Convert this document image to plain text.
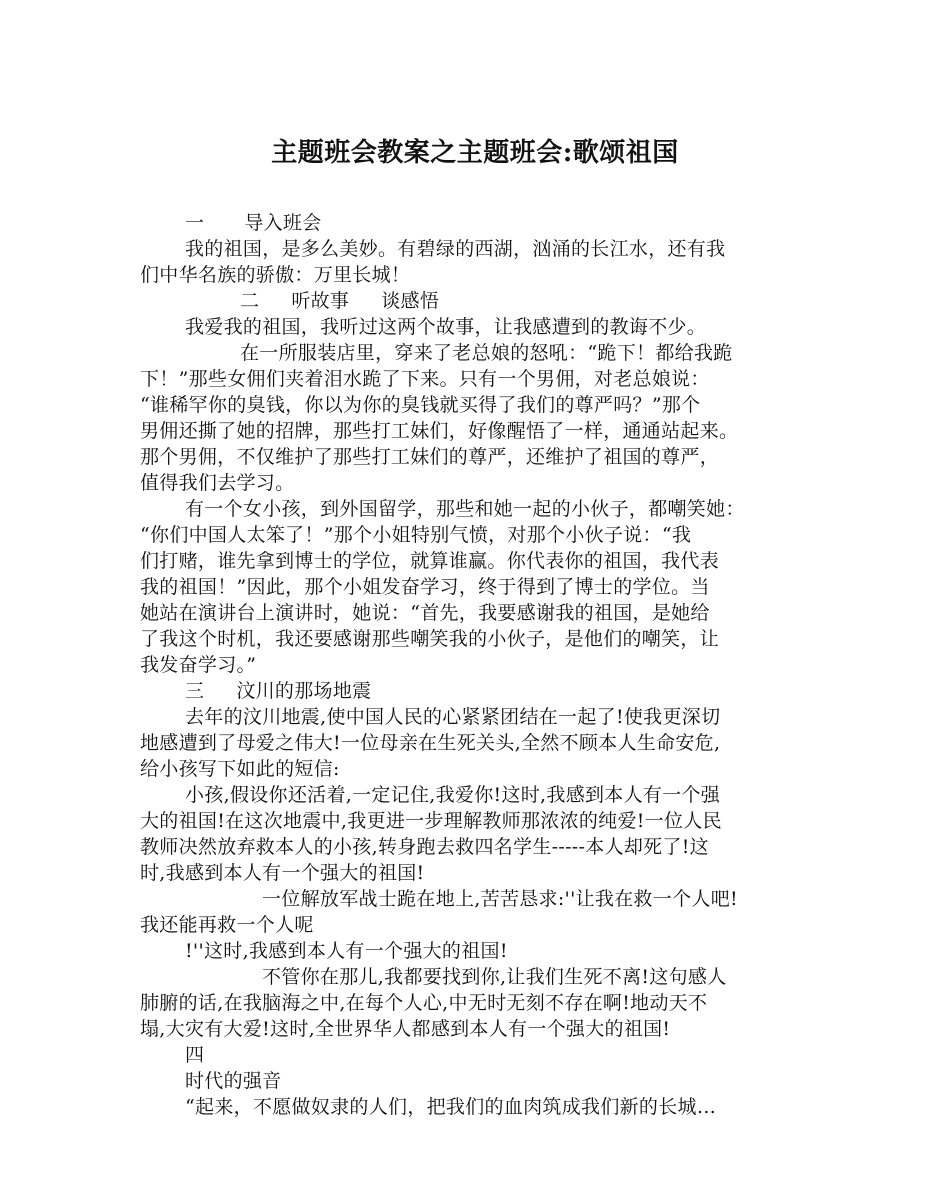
主题班会教案之主题班会:歌颂祖国
一 导入班会
我的祖国，是多么美妙。有碧绿的西湖，汹涌的长江水，还有我
们中华名族的骄傲：万里长城！
二 听故事 谈感悟
我爱我的祖国，我听过这两个故事，让我感遭到的教诲不少。
在一所服装店里，穿来了老总娘的怒吼：“跪下！都给我跪
下！”那些女佣们夹着泪水跪了下来。只有一个男佣，对老总娘说：
“谁稀罕你的臭钱，你以为你的臭钱就买得了我们的尊严吗？”那个
男佣还撕了她的招牌，那些打工妹们，好像醒悟了一样，通通站起来。
那个男佣，不仅维护了那些打工妹们的尊严，还维护了祖国的尊严，
值得我们去学习。
有一个女小孩，到外国留学，那些和她一起的小伙子，都嘲笑她：
“你们中国人太笨了！”那个小姐特别气愤，对那个小伙子说：“我
们打赌，谁先拿到博士的学位，就算谁赢。你代表你的祖国，我代表
我的祖国！”因此，那个小姐发奋学习，终于得到了博士的学位。当
她站在演讲台上演讲时，她说：“首先，我要感谢我的祖国，是她给
了我这个时机，我还要感谢那些嘲笑我的小伙子，是他们的嘲笑，让
我发奋学习。”
三 汶川的那场地震
去年的汶川地震,使中国人民的心紧紧团结在一起了!使我更深切
地感遭到了母爱之伟大!一位母亲在生死关头,全然不顾本人生命安危,
给小孩写下如此的短信:
小孩,假设你还活着,一定记住,我爱你!这时,我感到本人有一个强
大的祖国!在这次地震中,我更进一步理解教师那浓浓的纯爱!一位人民
教师决然放弃救本人的小孩,转身跑去救四名学生-----本人却死了!这
时,我感到本人有一个强大的祖国!
一位解放军战士跪在地上,苦苦恳求:''让我在救一个人吧!
我还能再救一个人呢
!''这时,我感到本人有一个强大的祖国!
不管你在那儿,我都要找到你,让我们生死不离!这句感人
肺腑的话,在我脑海之中,在每个人心,中无时无刻不存在啊!地动天不
塌,大灾有大爱!这时,全世界华人都感到本人有一个强大的祖国!
四
时代的强音
“起来，不愿做奴隶的人们，把我们的血肉筑成我们新的长城…
